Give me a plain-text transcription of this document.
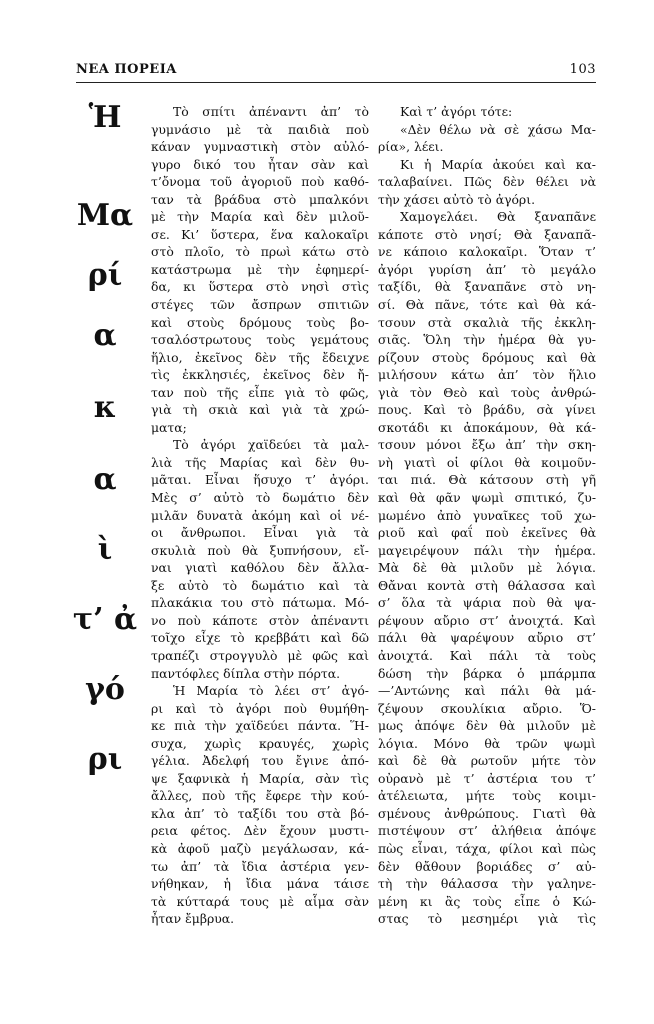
ΝΕΑ ΠΟΡΕΙΑ	103
Ἡ
Μα
ρί
α
κ
α
ὶ
τ’ ἀ
γό
ρι
Τὸ σπίτι ἀπέναντι ἀπ’ τὸ
γυμνάσιο μὲ τὰ παιδιὰ ποὺ
κάναν γυμναστικὴ στὸν αὐλό-
γυρο δικό του ἦταν σὰν καὶ
τ’ὄνομα τοῦ ἀγοριοῦ ποὺ καθό-
ταν τὰ βράδυα στὸ μπαλκόνι
μὲ τὴν Μαρία καὶ δὲν μιλοῦ-
σε. Κι’ ὕστερα, ἕνα καλοκαῖρι
στὸ πλοῖο, τὸ πρωὶ κάτω στὸ
κατάστρωμα μὲ τὴν ἐφημερί-
δα, κι ὕστερα στὸ νησὶ στὶς
στέγες τῶν ἄσπρων σπιτιῶν
καὶ στοὺς δρόμους τοὺς βο-
τσαλόστρωτους τοὺς γεμάτους
ἥλιο, ἐκεῖνος δὲν τῆς ἔδειχνε
τὶς ἐκκλησιές, ἐκεῖνος δὲν ἤ-
ταν ποὺ τῆς εἶπε γιὰ τὸ φῶς,
γιὰ τὴ σκιὰ καὶ γιὰ τὰ χρώ-
ματα;
Τὸ ἀγόρι χαϊδεύει τὰ μαλ-
λιὰ τῆς Μαρίας καὶ δὲν θυ-
μᾶται. Εἶναι ἥσυχο τ’ ἀγόρι.
Μὲς σ’ αὐτὸ τὸ δωμάτιο δὲν
μιλᾶν δυνατὰ ἀκόμη καὶ οἱ νέ-
οι ἄνθρωποι. Εἶναι γιὰ τὰ
σκυλιὰ ποὺ θὰ ξυπνήσουν, εἴ-
ναι γιατὶ καθόλου δὲν ἄλλα-
ξε αὐτὸ τὸ δωμάτιο καὶ τὰ
πλακάκια του στὸ πάτωμα. Μό-
νο ποὺ κάποτε στὸν ἀπέναντι
τοῖχο εἶχε τὸ κρεββάτι καὶ δῶ
τραπέζι στρογγυλὸ μὲ φῶς καὶ
παντόφλες δίπλα στὴν πόρτα.
Ἡ Μαρία τὸ λέει στ’ ἀγό-
ρι καὶ τὸ ἀγόρι ποὺ θυμήθη-
κε πιὰ τὴν χαϊδεύει πάντα. Ἥ-
συχα, χωρὶς κραυγές, χωρὶς
γέλια. Ἀδελφή του ἔγινε ἀπό-
ψε ξαφνικὰ ἡ Μαρία, σὰν τὶς
ἄλλες, ποὺ τῆς ἔφερε τὴν κού-
κλα ἀπ’ τὸ ταξίδι του στὰ βό-
ρεια φέτος. Δὲν ἔχουν μυστι-
κὰ ἀφοῦ μαζὺ μεγάλωσαν, κά-
τω ἀπ’ τὰ ἴδια ἀστέρια γεν-
νήθηκαν, ἡ ἴδια μάνα τάισε
τὰ κύτταρά τους μὲ αἷμα σὰν
ἦταν ἔμβρυα.
Καὶ τ’ ἀγόρι τότε:
«Δὲν θέλω νὰ σὲ χάσω Μα-
ρία», λέει.
Κι ἡ Μαρία ἀκούει καὶ κα-
ταλαβαίνει. Πῶς δὲν θέλει νὰ
τὴν χάσει αὐτὸ τὸ ἀγόρι.
Χαμογελάει. Θὰ ξαναπᾶνε
κάποτε στὸ νησί; Θὰ ξαναπᾶ-
νε κάποιο καλοκαῖρι. Ὅταν τ’
ἀγόρι γυρίση ἀπ’ τὸ μεγάλο
ταξίδι, θὰ ξαναπᾶνε στὸ νη-
σί. Θὰ πᾶνε, τότε καὶ θὰ κά-
τσουν στὰ σκαλιὰ τῆς ἐκκλη-
σιᾶς. Ὅλη τὴν ἡμέρα θὰ γυ-
ρίζουν στοὺς δρόμους καὶ θὰ
μιλήσουν κάτω ἀπ’ τὸν ἥλιο
γιὰ τὸν Θεὸ καὶ τοὺς ἀνθρώ-
πους. Καὶ τὸ βράδυ, σὰ γίνει
σκοτάδι κι ἀποκάμουν, θὰ κά-
τσουν μόνοι ἔξω ἀπ’ τὴν σκη-
νὴ γιατὶ οἱ φίλοι θὰ κοιμοῦν-
ται πιά. Θὰ κάτσουν στὴ γῆ
καὶ θὰ φᾶν ψωμὶ σπιτικό, ζυ-
μωμένο ἀπὸ γυναῖκες τοῦ χω-
ριοῦ καὶ φαΐ ποὺ ἐκεῖνες θὰ
μαγειρέψουν πάλι τὴν ἡμέρα.
Μὰ δὲ θὰ μιλοῦν μὲ λόγια.
Θἄναι κοντὰ στὴ θάλασσα καὶ
σ’ ὅλα τὰ ψάρια ποὺ θὰ ψα-
ρέψουν αὔριο στ’ ἀνοιχτά. Καὶ
πάλι θὰ ψαρέψουν αὔριο στ’
ἀνοιχτά. Καὶ πάλι τὰ τοὺς
δώση τὴν βάρκα ὁ μπάρμπα
—’Αντώνης καὶ πάλι θὰ μά-
ζέψουν σκουλίκια αὔριο. Ὅ-
μως ἀπόψε δὲν θὰ μιλοῦν μὲ
λόγια. Μόνο θὰ τρῶν ψωμὶ
καὶ δὲ θὰ ρωτοῦν μήτε τὸν
οὐρανὸ μὲ τ’ ἀστέρια του τ’
ἀτέλειωτα, μήτε τοὺς κοιμι-
σμένους ἀνθρώπους. Γιατὶ θὰ
πιστέψουν στ’ ἀλήθεια ἀπόψε
πὼς εἶναι, τάχα, φίλοι καὶ πὼς
δὲν θἄθουν βοριάδες σ’ αὐ-
τὴ τὴν θάλασσα τὴν γαληνε-
μένη κι ἂς τοὺς εἶπε ὁ Κώ-
στας τὸ μεσημέρι γιὰ τὶς
